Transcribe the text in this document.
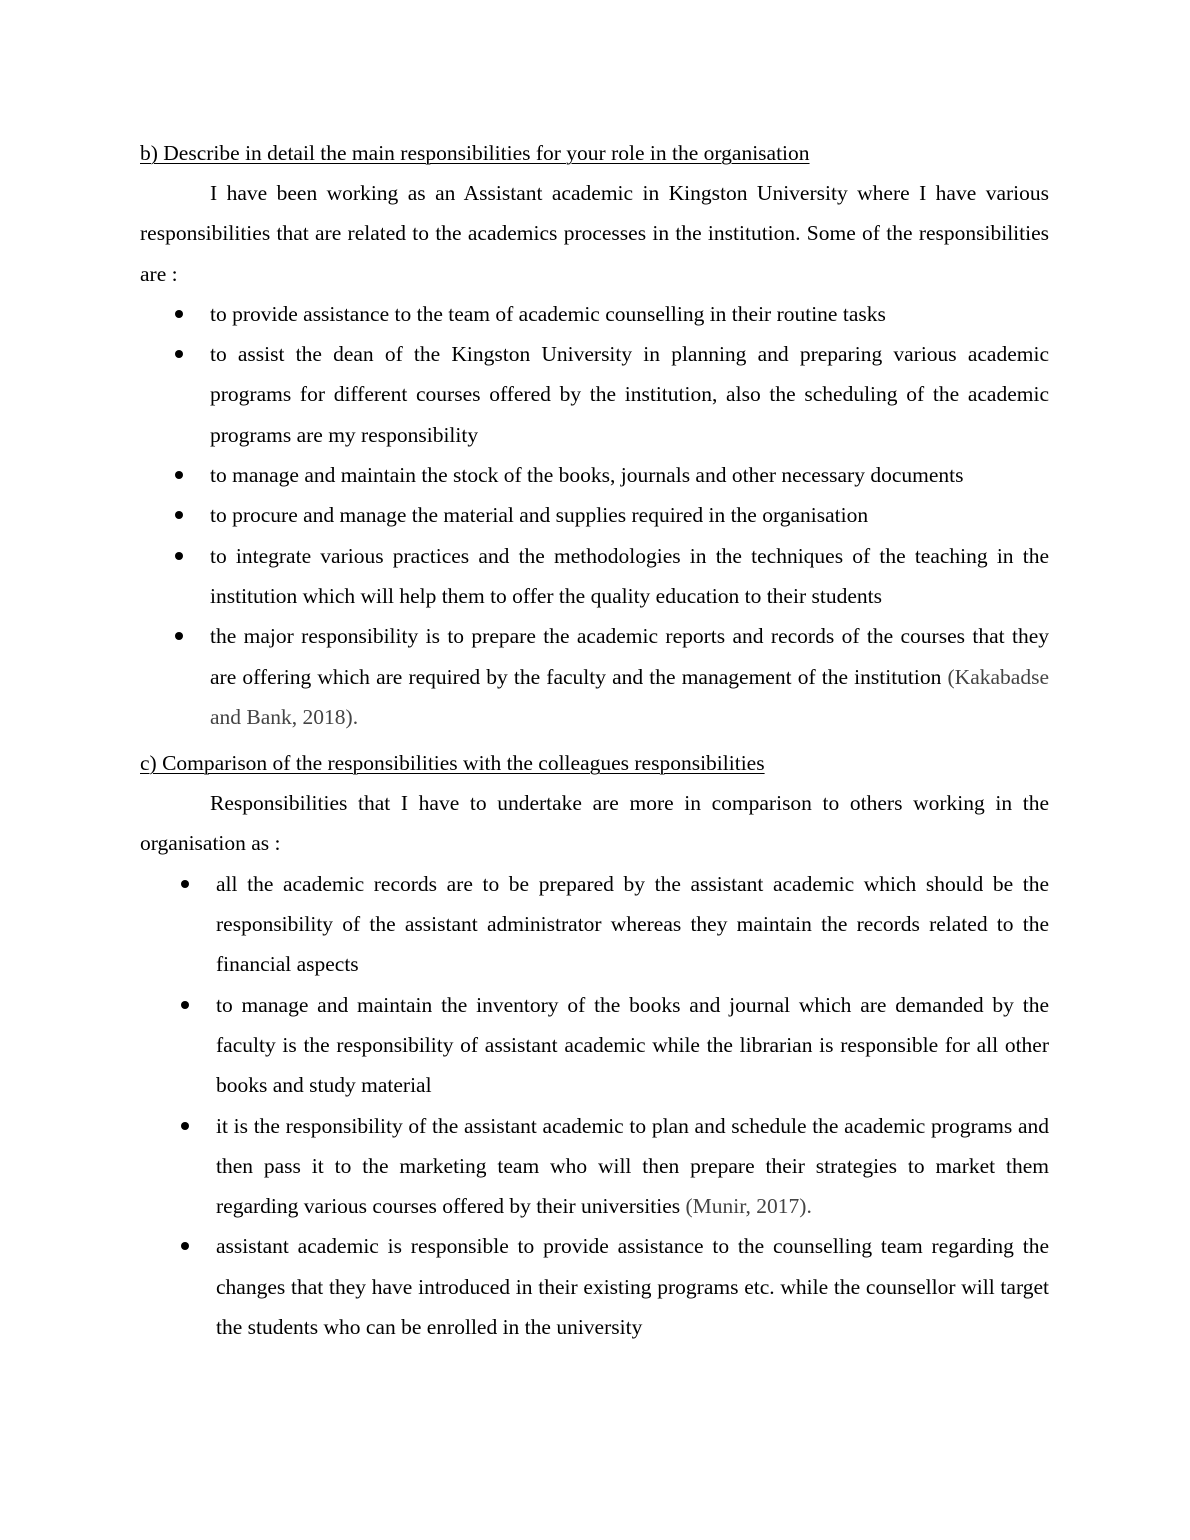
b) Describe in detail the main responsibilities for your role in the organisation

I have been working as an Assistant academic in Kingston University where I have various responsibilities that are related to the academics processes in the institution. Some of the responsibilities are :

to provide assistance to the team of academic counselling in their routine tasks
to assist the dean of the Kingston University in planning and preparing various academic programs for different courses offered by the institution, also the scheduling of the academic programs are my responsibility
to manage and maintain the stock of the books, journals and other necessary documents
to procure and manage the material and supplies required in the organisation
to integrate various practices and the methodologies in the techniques of the teaching in the institution which will help them to offer the quality education to their students
the major responsibility is to prepare the academic reports and records of the courses that they are offering which are required by the faculty and the management of the institution (Kakabadse and Bank, 2018).

c) Comparison of the responsibilities with the colleagues responsibilities

Responsibilities that I have to undertake are more in comparison to others working in the organisation as :

all the academic records are to be prepared by the assistant academic which should be the responsibility of the assistant administrator whereas they maintain the records related to the financial aspects
to manage and maintain the inventory of the books and journal which are demanded by the faculty is the responsibility of assistant academic while the librarian is responsible for all other books and study material
it is the responsibility of the assistant academic to plan and schedule the academic programs and then pass it to the marketing team who will then prepare their strategies to market them regarding various courses offered by their universities (Munir, 2017).
assistant academic is responsible to provide assistance to the counselling team regarding the changes that they have introduced in their existing programs etc. while the counsellor will target the students who can be enrolled in the university
